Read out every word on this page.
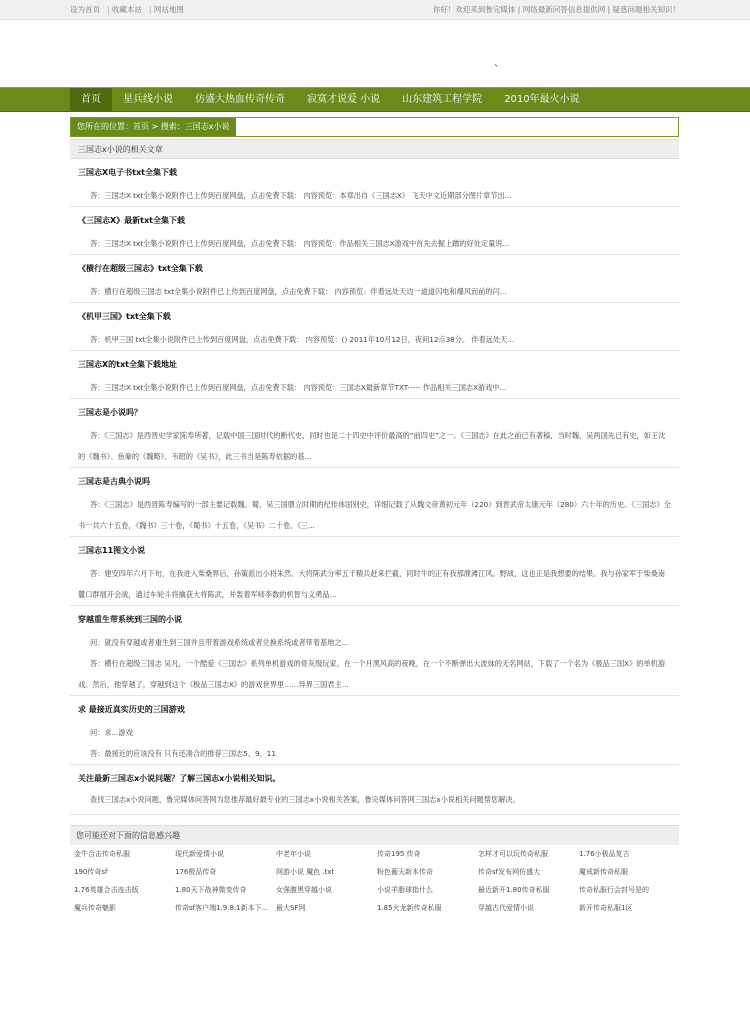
设为首页 | 收藏本站 | 网站地图	你好！欢迎来到鲁完媒体 | 网络最新问答信息提供网 | 疑惑问题相关知识！
、
首页	星兵线小说	仿盛大热血传奇传奇	寂寞才说爱 小说	山东建筑工程学院	2010年最火小说
您所在的位置：首页 > 搜索：三国志x小说
三国志x小说的相关文章
三国志X电子书txt全集下载
答：三国志X txt全集小说附件已上传到百度网盘，点击免费下载： 内容预览：本章出自《三国志X》 飞天中文近期部分图片章节出...
《三国志X》最新txt全集下载
答：三国志X txt全集小说附件已上传到百度网盘，点击免费下载： 内容预览：作品相关三国志X游戏中首先去掘上蹭的好处定量说...
《横行在超级三国志》txt全集下载
答：横行在超级三国志 txt全集小说附件已上传到百度网盘，点击免费下载： 内容预览：伴着远处天边一道道闪电和爆风而前的闪...
《机甲三国》txt全集下载
答：机甲三国 txt全集小说附件已上传到百度网盘，点击免费下载： 内容预览：() 2011年10月12日，夜间12点38分。 伴着远处天...
三国志X的txt全集下载地址
答：三国志X txt全集小说附件已上传到百度网盘，点击免费下载： 内容预览：三国志X最新章节TXT----- 作品相关三国志X游戏中...
三国志是小说吗？
答：《三国志》是西晋史学家陈寿所著，记载中国三国时代的断代史，同时也是二十四史中评价最高的“前四史”之一。《三国志》在此之前已有著稿，当时魏、吴两国先已有史，如王沈的《魏书》、鱼豢的《魏略》、韦昭的《吴书》，此三书当是陈寿依据的基...
三国志是古典小说吗
答：《三国志》是西晋陈寿编写的一部主要记载魏、蜀、吴三国鼎立时期的纪传体国别史，详细记载了从魏文帝黄初元年（220）到晋武帝太康元年（280）六十年的历史。《三国志》全书一共六十五卷，《魏书》三十卷，《蜀书》十五卷，《吴书》二十卷。《三...
三国志11图文小说
答：建安四年六月下旬，在我进入柴桑界后，孙策派出小将朱然、大将陈武分率五千精兵赶来拦截，同时牛的正有我那濮滩江风。野战，这也正是我想要的结果。我与孙家军于柴桑南麓口群展开会战，通过车轮斗将擒获大将陈武，并轰着军师李数的机智与义勇品...
穿越重生带系统到三国的小说
问：就没有穿越或者重生到三国并且带着游戏系统或者兑换系统或者带着基地之...
答：横行在超级三国志 吴凡，一个酷爱《三国志》系列单机游戏的骨灰级玩家。在一个月黑风高的夜晚，在一个不断弹出大波妹的无名网站，下载了一个名为《极品三国X》的单机游戏。然后，他穿越了，穿越到这个《极品三国志X》的游戏世界里……异界三国君主...
求 最接近真实历史的三国游戏
问：求...游戏
答：最接近的应该没有 只有还凑合的推荐三国志5、9、11
关注最新三国志x小说问题？了解三国志x小说相关知识。
查找三国志x小说问题，鲁完媒体问答网为您推荐最好最专业的三国志x小说相关答案，鲁完媒体问答网三国志x小说相关问题帮您解决。
您可能还对下面的信息感兴趣
金牛合击传奇私服	现代新爱情小说	中老年小说	传奇195 传奇	怎样才可以玩传奇私服	1.76小极品复古
190传奇sf	176极品传奇	网游小说 魔色 .txt	粉色葡天新本传奇	传奇sf发布网仿盛大	魔戒新传奇私服
1.76英雄合击连击版	1.80天下战神微变传奇	女强腹黑穿越小说	小说羊脂球指什么	最近新开1.80传奇私服	传奇私服行会封号是的
魔兵传奇魅影	传奇sf客户端1.9.8.1新本下...	最大SF网	1.85火龙新传奇私服	穿越古代爱情小说	新开传奇私服1区
